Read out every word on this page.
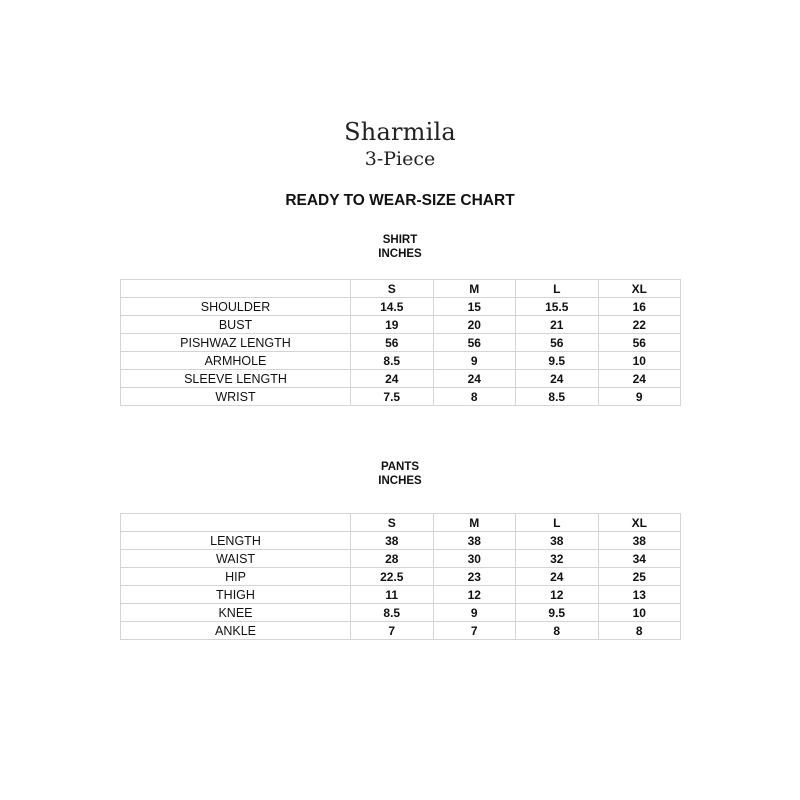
Sharmila
3-Piece
READY TO WEAR-SIZE CHART
SHIRT
INCHES
	S	M	L	XL
SHOULDER	14.5	15	15.5	16
BUST	19	20	21	22
PISHWAZ LENGTH	56	56	56	56
ARMHOLE	8.5	9	9.5	10
SLEEVE LENGTH	24	24	24	24
WRIST	7.5	8	8.5	9
PANTS
INCHES
	S	M	L	XL
LENGTH	38	38	38	38
WAIST	28	30	32	34
HIP	22.5	23	24	25
THIGH	11	12	12	13
KNEE	8.5	9	9.5	10
ANKLE	7	7	8	8
